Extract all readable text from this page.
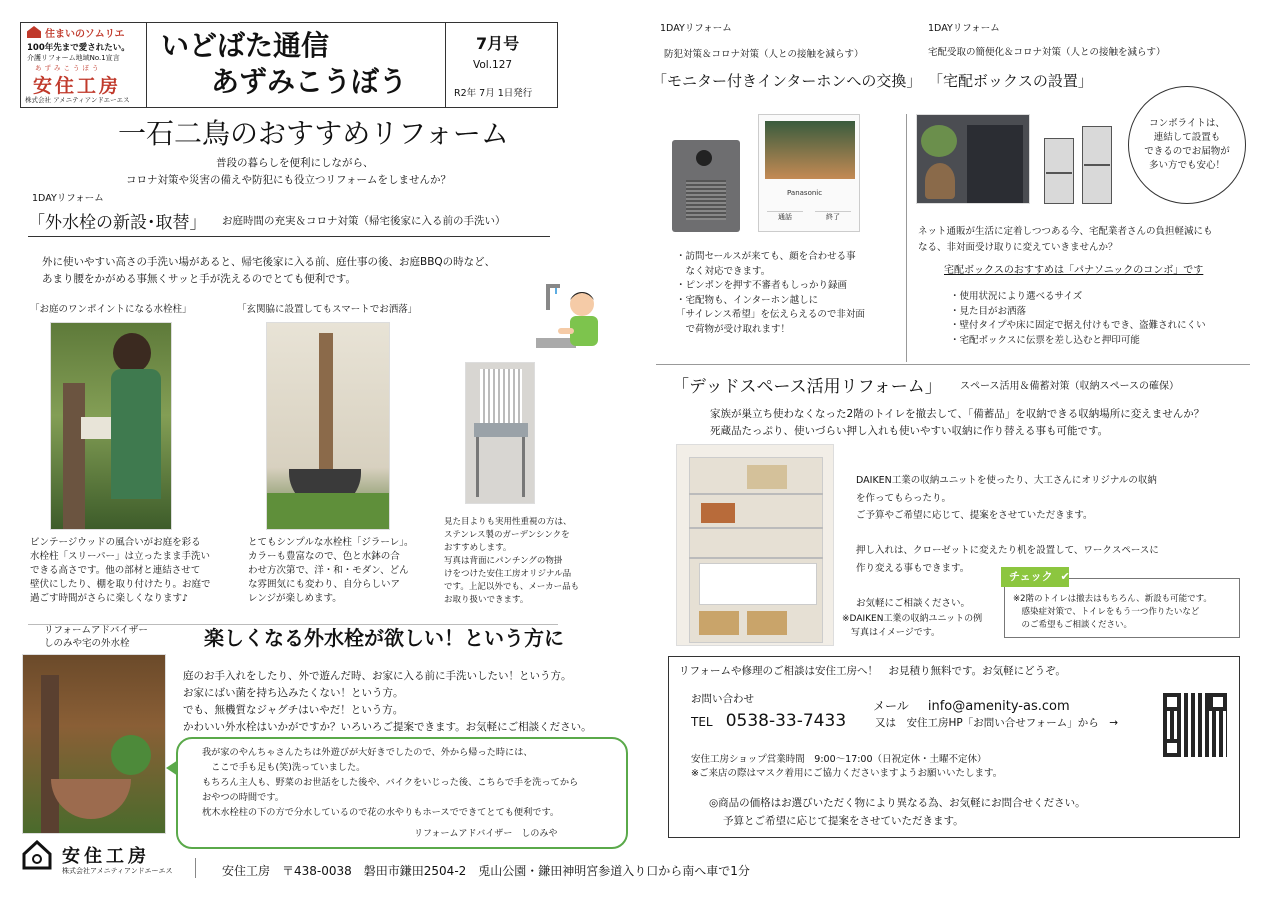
住まいのソムリエ
100年先まで愛されたい。
介護リフォーム地域No.1宣言
あずみこうぼう
安住工房
株式会社 アメニティアンドエーエス
いどばた通信
あずみこうぼう
7月号
Vol.127
R2年 7月 1日発行
一石二鳥のおすすめリフォーム
普段の暮らしを便利にしながら、
コロナ対策や災害の備えや防犯にも役立つリフォームをしませんか？
1DAYリフォーム
「外水栓の新設･取替」 お庭時間の充実＆コロナ対策（帰宅後家に入る前の手洗い）
外に使いやすい高さの手洗い場があると、帰宅後家に入る前、庭仕事の後、お庭BBQの時など、
あまり腰をかがめる事無くサッと手が洗えるのでとても便利です。
「お庭のワンポイントになる水栓柱」	「玄関脇に設置してもスマートでお洒落」
ビンテージウッドの風合いがお庭を彩る
水栓柱「スリーパー」は立ったまま手洗い
できる高さです。他の部材と連結させて
壁伏にしたり、棚を取り付けたり。お庭で
過ごす時間がさらに楽しくなります♪
とてもシンプルな水栓柱「ジラーレ」。
カラーも豊富なので、色と水鉢の合
わせ方次第で、洋・和・モダン、どん
な雰囲気にも変わり、自分らしいア
レンジが楽しめます。
見た目よりも実用性重視の方は、
ステンレス製のガーデンシンクを
おすすめします。
写真は背面にパンチングの物掛
けをつけた安住工房オリジナル品
です。上記以外でも、メーカー品も
お取り扱いできます。
リフォームアドバイザー
しのみや宅の外水栓	楽しくなる外水栓が欲しい！という方に
庭のお手入れをしたり、外で遊んだ時、お家に入る前に手洗いしたい！という方。
お家にばい菌を持ち込みたくない！という方。
でも、無機質なジャグチはいやだ！という方。
かわいい外水栓はいかがですか？いろいろご提案できます。お気軽にご相談ください。
我が家のやんちゃさんたちは外遊びが大好きでしたので、外から帰った時には、
　ここで手も足も(笑)洗っていました。
もちろん主人も、野菜のお世話をした後や、バイクをいじった後、こちらで手を洗ってから
おやつの時間です。
枕木水栓柱の下の方で分水しているので花の水やりもホースでできてとても便利です。
リフォームアドバイザー　しのみや
安住工房
株式会社アメニティアンドエーエス	安住工房　〒438-0038　磐田市鎌田2504-2　兎山公園・鎌田神明宮参道入り口から南へ車で1分
1DAYリフォーム
防犯対策＆コロナ対策（人との接触を減らす）
「モニター付きインターホンへの交換」
Panasonic
通話	終了
・訪問セールスが来ても、顔を合わせる事
　なく対応できます。
・ピンポンを押す不審者もしっかり録画
・宅配物も、インターホン越しに
「サイレンス希望」を伝えらえるので非対面
　で荷物が受け取れます！
1DAYリフォーム
宅配受取の簡便化＆コロナ対策（人との接触を減らす）
「宅配ボックスの設置」
コンボライトは、
連結して設置も
できるのでお届物が
多い方でも安心！
ネット通販が生活に定着しつつある今、宅配業者さんの負担軽減にも
なる、非対面受け取りに変えていきませんか？
宅配ボックスのおすすめは「パナソニックのコンボ」です
・使用状況により選べるサイズ
・見た目がお洒落
・壁付タイプや床に固定で据え付けもでき、盗難されにくい
・宅配ボックスに伝票を差し込むと押印可能
「デッドスペース活用リフォーム」 スペース活用＆備蓄対策（収納スペースの確保）
家族が巣立ち使わなくなった2階のトイレを撤去して、「備蓄品」を収納できる収納場所に変えませんか？
死蔵品たっぷり、使いづらい押し入れも使いやすい収納に作り替える事も可能です。
DAIKEN工業の収納ユニットを使ったり、大工さんにオリジナルの収納
を作ってもらったり。
ご予算やご希望に応じて、提案をさせていただきます。

押し入れは、クローゼットに変えたり机を設置して、ワークスペースに
作り変える事もできます。

お気軽にご相談ください。
※DAIKEN工業の収納ユニットの例
　写真はイメージです。
チェック ✔
※2階のトイレは撤去はもちろん、新設も可能です。
　感染症対策で、トイレをもう一つ作りたいなど
　のご希望もご相談ください。
リフォームや修理のご相談は安住工房へ！　お見積り無料です。お気軽にどうぞ。
お問い合わせ
TEL 0538-33-7433
メール info@amenity-as.com
又は　安住工房HP「お問い合せフォーム」から　→
安住工房ショップ営業時間　9:00～17:00（日祝定休・土曜不定休）
※ご来店の際はマスク着用にご協力くださいますようお願いいたします。
◎商品の価格はお選びいただく物により異なる為、お気軽にお問合せください。
予算とご希望に応じて提案をさせていただきます。
